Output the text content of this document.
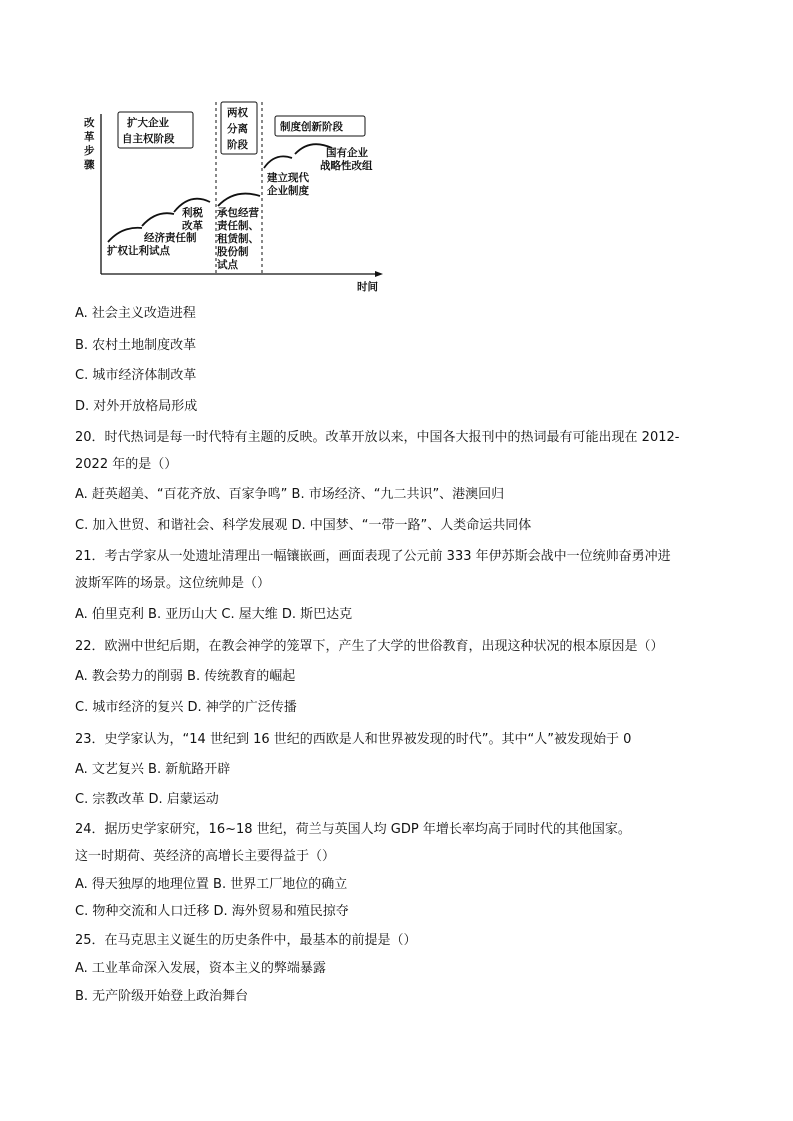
改
革
步
骤
时间
扩大企业
自主权阶段
两权
分离
阶段
制度创新阶段
扩权让利试点
经济责任制
利税
改革
承包经营
责任制、
租赁制、
股份制
试点
建立现代
企业制度
国有企业
战略性改组
A. 社会主义改造进程
B. 农村土地制度改革
C. 城市经济体制改革
D. 对外开放格局形成
20．时代热词是每一时代特有主题的反映。改革开放以来，中国各大报刊中的热词最有可能出现在 2012-
2022 年的是（）
A. 赶英超美、“百花齐放、百家争鸣” B. 市场经济、“九二共识”、港澳回归
C. 加入世贸、和谐社会、科学发展观 D. 中国梦、“一带一路”、人类命运共同体
21．考古学家从一处遗址清理出一幅镶嵌画，画面表现了公元前 333 年伊苏斯会战中一位统帅奋勇冲进
波斯军阵的场景。这位统帅是（）
A. 伯里克利 B. 亚历山大 C. 屋大维 D. 斯巴达克
22．欧洲中世纪后期，在教会神学的笼罩下，产生了大学的世俗教育，出现这种状况的根本原因是（）
A. 教会势力的削弱 B. 传统教育的崛起
C. 城市经济的复兴 D. 神学的广泛传播
23．史学家认为，“14 世纪到 16 世纪的西欧是人和世界被发现的时代”。其中“人”被发现始于 0
A. 文艺复兴 B. 新航路开辟
C. 宗教改革 D. 启蒙运动
24．据历史学家研究，16~18 世纪，荷兰与英国人均 GDP 年增长率均高于同时代的其他国家。
这一时期荷、英经济的高增长主要得益于（）
A. 得天独厚的地理位置 B. 世界工厂地位的确立
C. 物种交流和人口迁移 D. 海外贸易和殖民掠夺
25．在马克思主义诞生的历史条件中，最基本的前提是（）
A. 工业革命深入发展，资本主义的弊端暴露
B. 无产阶级开始登上政治舞台
